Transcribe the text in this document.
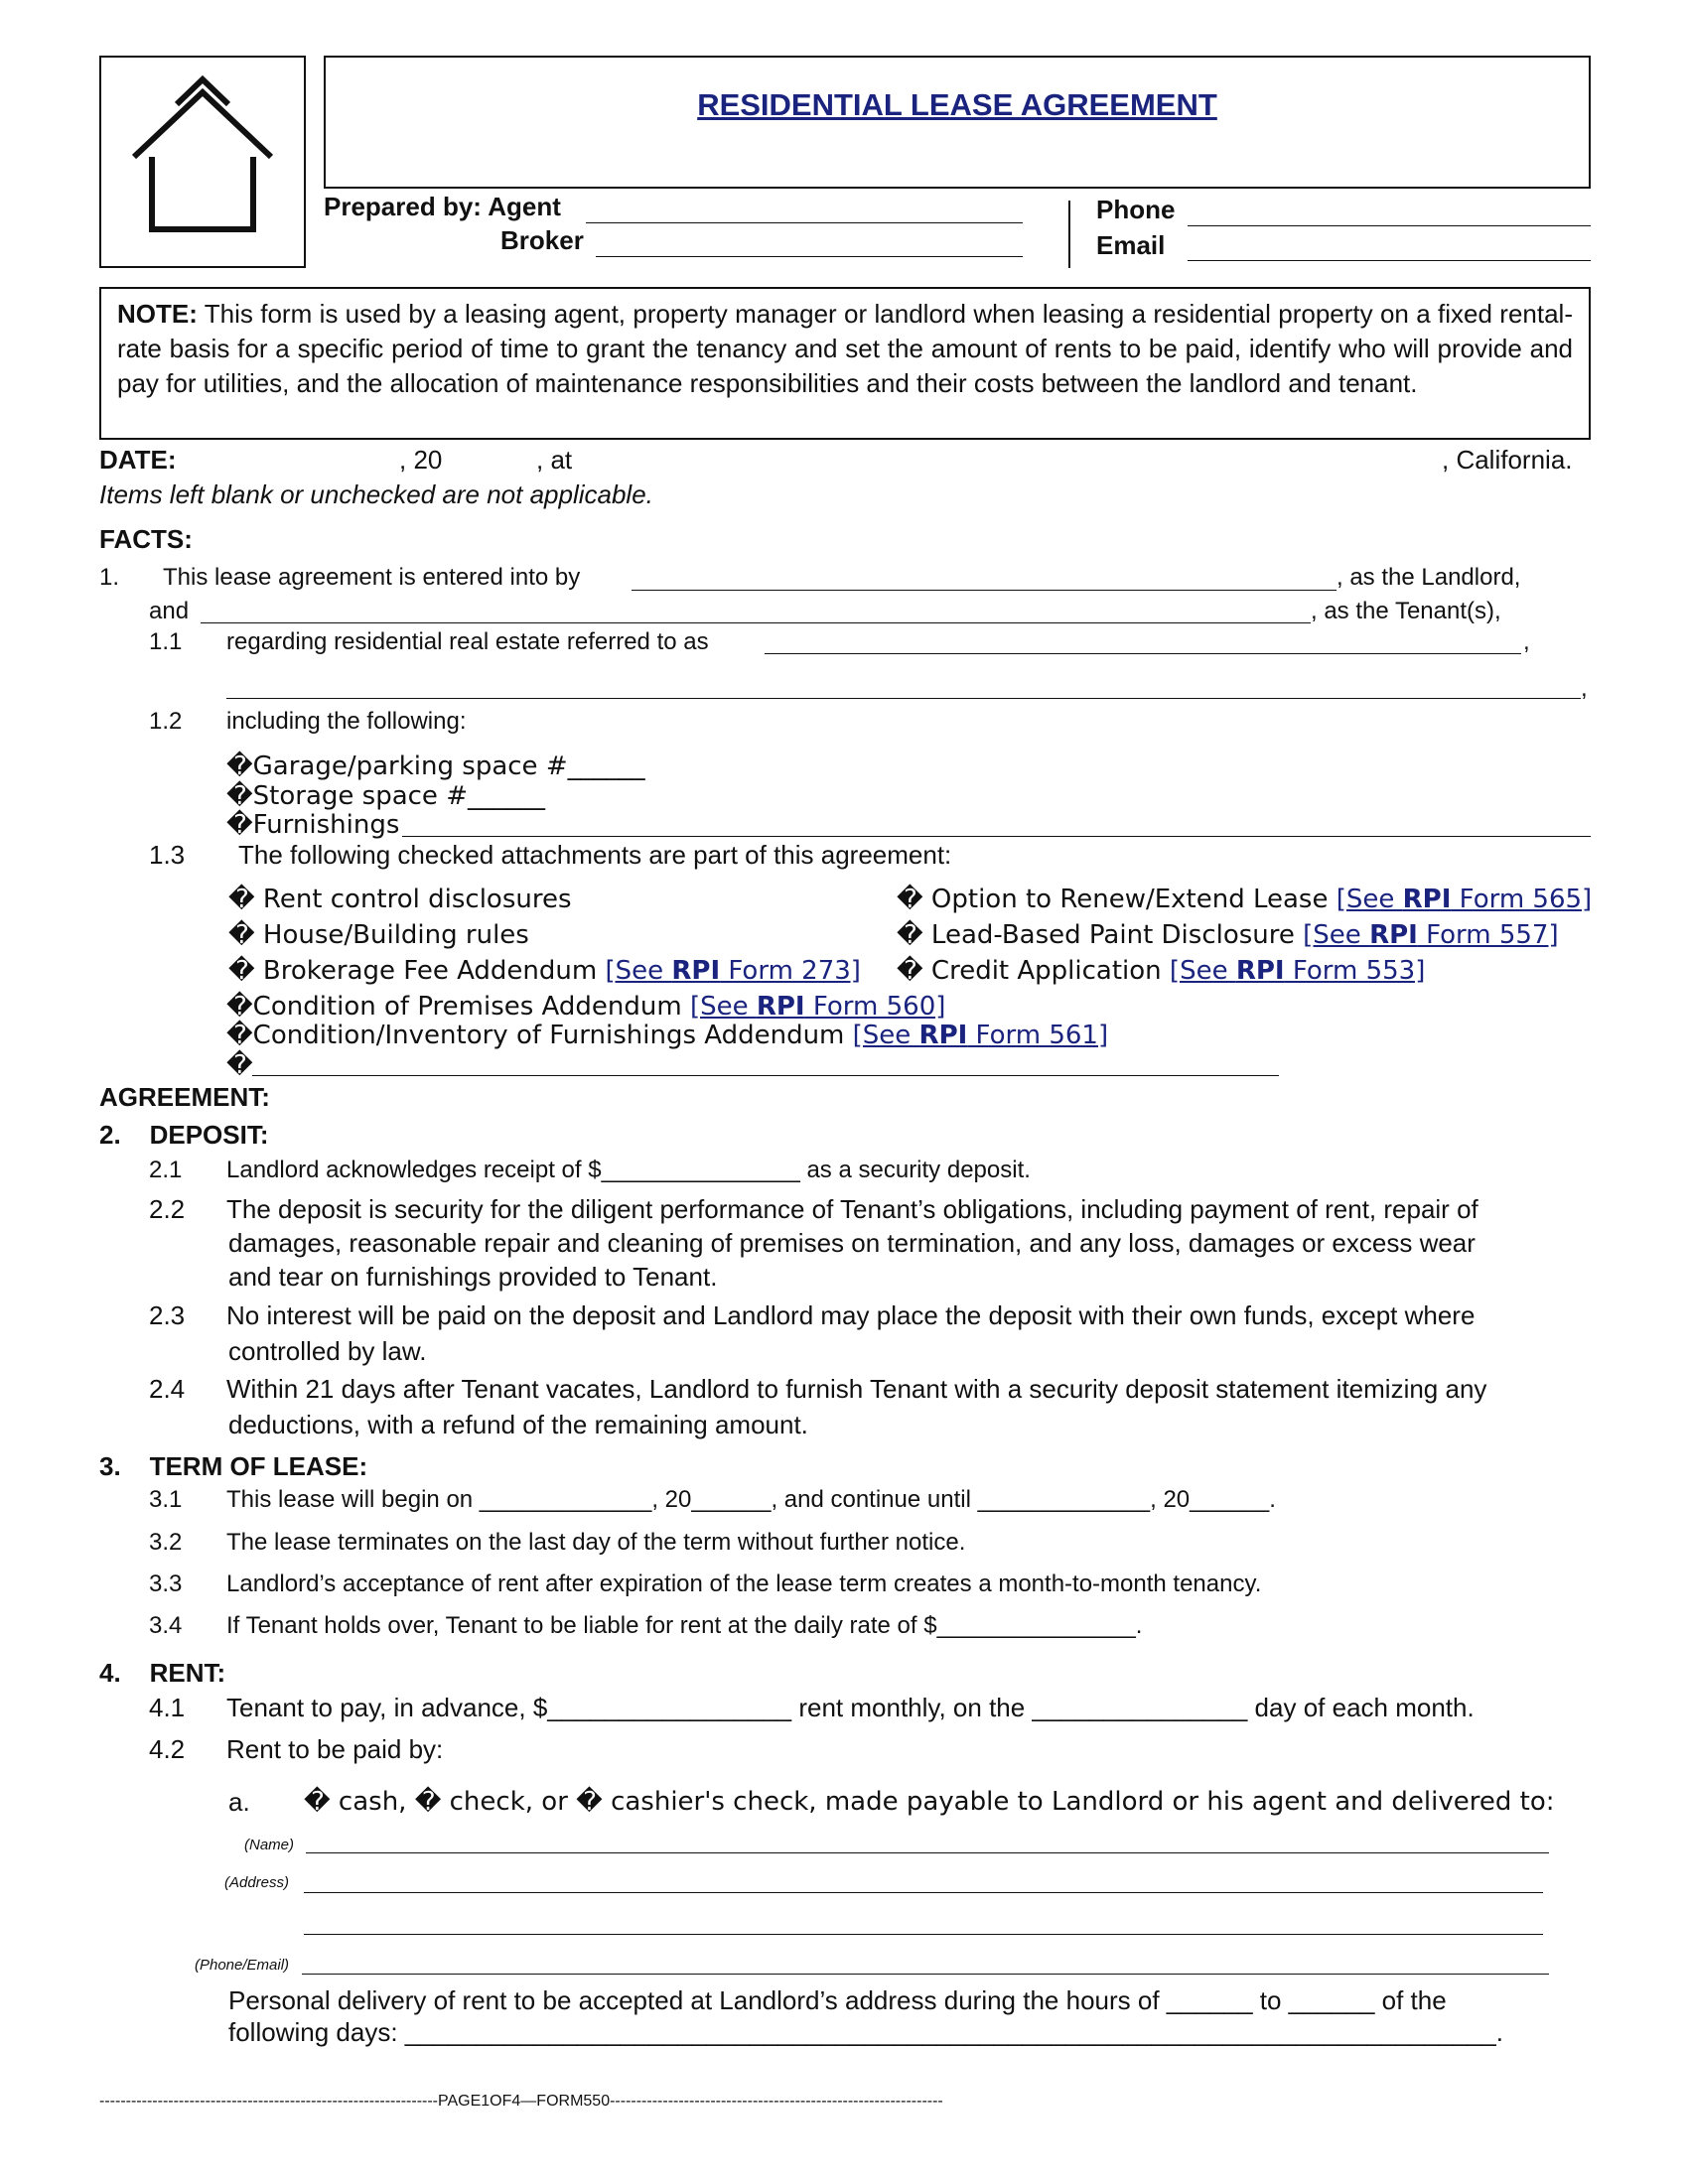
RESIDENTIAL LEASE AGREEMENT
Prepared by: Agent
Broker
Phone
Email
NOTE: This form is used by a leasing agent, property manager or landlord when leasing a residential property on a fixed rental-rate basis for a specific period of time to grant the tenancy and set the amount of rents to be paid, identify who will provide and pay for utilities, and the allocation of maintenance responsibilities and their costs between the landlord and tenant.
DATE:	, 20	, at	, California.
Items left blank or unchecked are not applicable.
FACTS:
1. This lease agreement is entered into by	, as the Landlord,
and	, as the Tenant(s),
1.1 regarding residential real estate referred to as	,
,
1.2 including the following:
�Garage/parking space #______
�Storage space #______
�Furnishings
1.3 The following checked attachments are part of this agreement:
� Rent control disclosures
� House/Building rules
� Brokerage Fee Addendum [See RPI Form 273]
� Option to Renew/Extend Lease [See RPI Form 565]
� Lead-Based Paint Disclosure [See RPI Form 557]
� Credit Application [See RPI Form 553]
�Condition of Premises Addendum [See RPI Form 560]
�Condition/Inventory of Furnishings Addendum [See RPI Form 561]
�
AGREEMENT:
2.    DEPOSIT:
2.1 Landlord acknowledges receipt of $_______________ as a security deposit.
2.2 The deposit is security for the diligent performance of Tenant’s obligations, including payment of rent, repair of
damages, reasonable repair and cleaning of premises on termination, and any loss, damages or excess wear
and tear on furnishings provided to Tenant.
2.3 No interest will be paid on the deposit and Landlord may place the deposit with their own funds, except where
controlled by law.
2.4 Within 21 days after Tenant vacates, Landlord to furnish Tenant with a security deposit statement itemizing any
deductions, with a refund of the remaining amount.
3.    TERM OF LEASE:
3.1 This lease will begin on _____________, 20______, and continue until _____________, 20______.
3.2 The lease terminates on the last day of the term without further notice.
3.3 Landlord’s acceptance of rent after expiration of the lease term creates a month-to-month tenancy.
3.4 If Tenant holds over, Tenant to be liable for rent at the daily rate of $_______________.
4.    RENT:
4.1 Tenant to pay, in advance, $_________________ rent monthly, on the _______________ day of each month.
4.2 Rent to be paid by:
a. � cash, � check, or � cashier's check, made payable to Landlord or his agent and delivered to:
(Name)
(Address)
(Phone/Email)
Personal delivery of rent to be accepted at Landlord’s address during the hours of ______ to ______ of the
following days: ____________________________________________________________________________.
----------------------------------------------------------------PAGE1OF4—FORM550---------------------------------------------------------------
